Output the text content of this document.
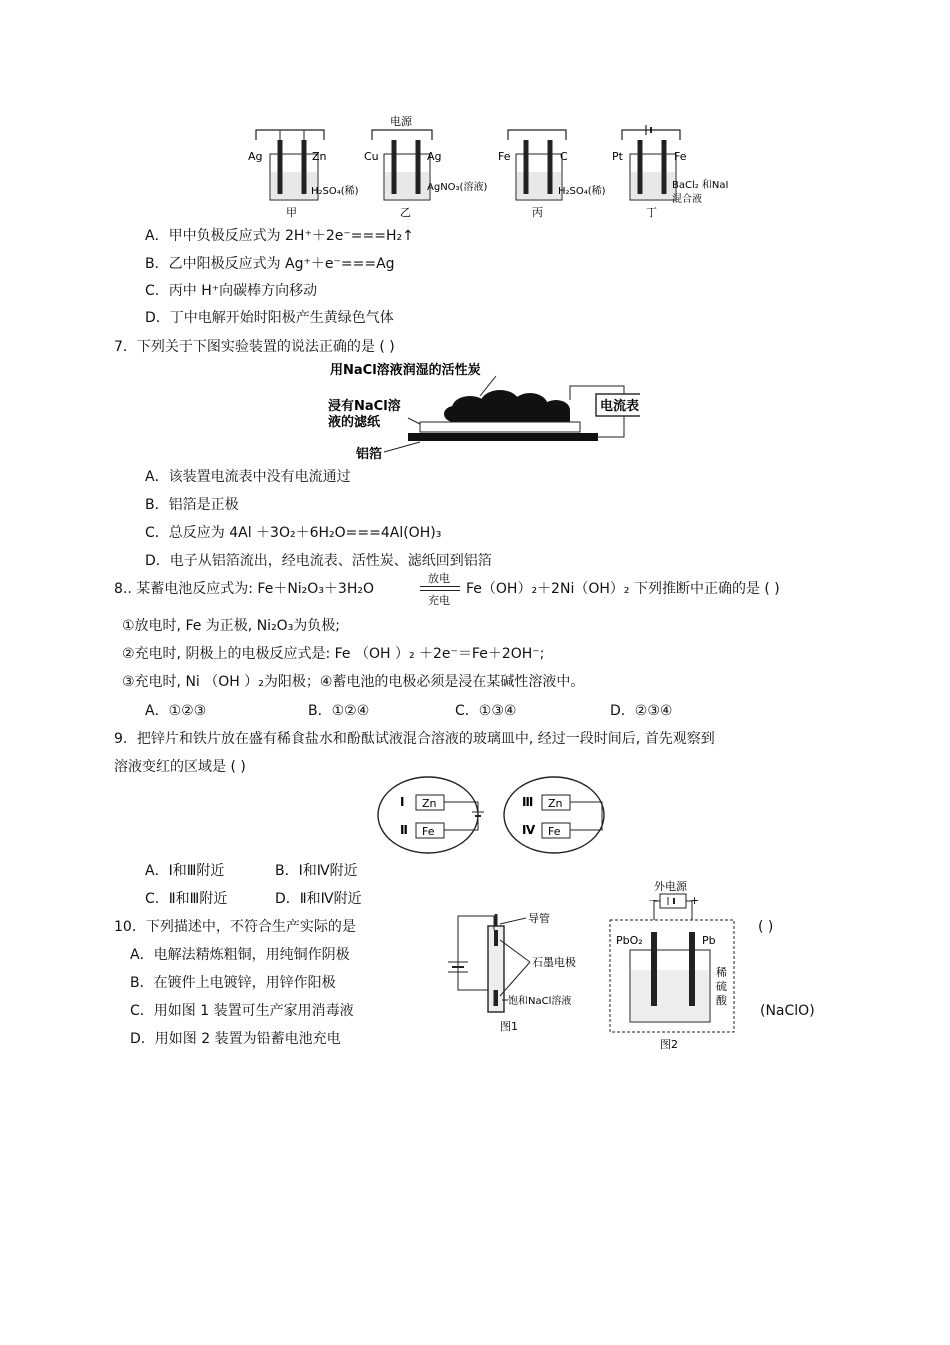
Ag	Zn
H₂SO₄(稀)
甲
电源
Cu	Ag
AgNO₃(溶液)
乙
Fe	C
H₂SO₄(稀)
丙
Pt	Fe
BaCl₂ 和NaI
混合液
丁
A．甲中负极反应式为 2H⁺＋2e⁻===H₂↑
B．乙中阳极反应式为 Ag⁺＋e⁻===Ag
C．丙中 H⁺向碳棒方向移动
D．丁中电解开始时阳极产生黄绿色气体
7．下列关于下图实验装置的说法正确的是 ( )
用NaCl溶液润湿的活性炭
浸有NaCl溶
液的滤纸
铝箔
电流表
A．该装置电流表中没有电流通过
B．铝箔是正极
C．总反应为 4Al ＋3O₂＋6H₂O===4Al(OH)₃
D．电子从铝箔流出，经电流表、活性炭、滤纸回到铝箔
8.. 某蓄电池反应式为: Fe＋Ni₂O₃＋3H₂O
放电
充电
Fe（OH）₂＋2Ni（OH）₂ 下列推断中正确的是 ( )
①放电时, Fe 为正极, Ni₂O₃为负极;
②充电时, 阴极上的电极反应式是: Fe （OH ）₂ ＋2e⁻＝Fe＋2OH⁻;
③充电时, Ni （OH ）₂为阳极；④蓄电池的电极必须是浸在某碱性溶液中。
A．①②③	B．①②④	C．①③④	D．②③④
9．把锌片和铁片放在盛有稀食盐水和酚酞试液混合溶液的玻璃皿中, 经过一段时间后, 首先观察到
溶液变红的区域是 ( )
Ⅰ Zn
Ⅱ Fe
Ⅲ Zn
Ⅳ Fe
A．Ⅰ和Ⅲ附近	B．Ⅰ和Ⅳ附近
C．Ⅱ和Ⅲ附近	D．Ⅱ和Ⅳ附近
10．下列描述中，不符合生产实际的是	( )
A．电解法精炼粗铜，用纯铜作阴极
B．在镀件上电镀锌，用锌作阳极
C．用如图 1 装置可生产家用消毒液	(NaClO)
D．用如图 2 装置为铅蓄电池充电
导管
石墨电极
饱和NaCl溶液
图1
外电源
－	+
PbO₂	Pb
稀
硫
酸
图2
